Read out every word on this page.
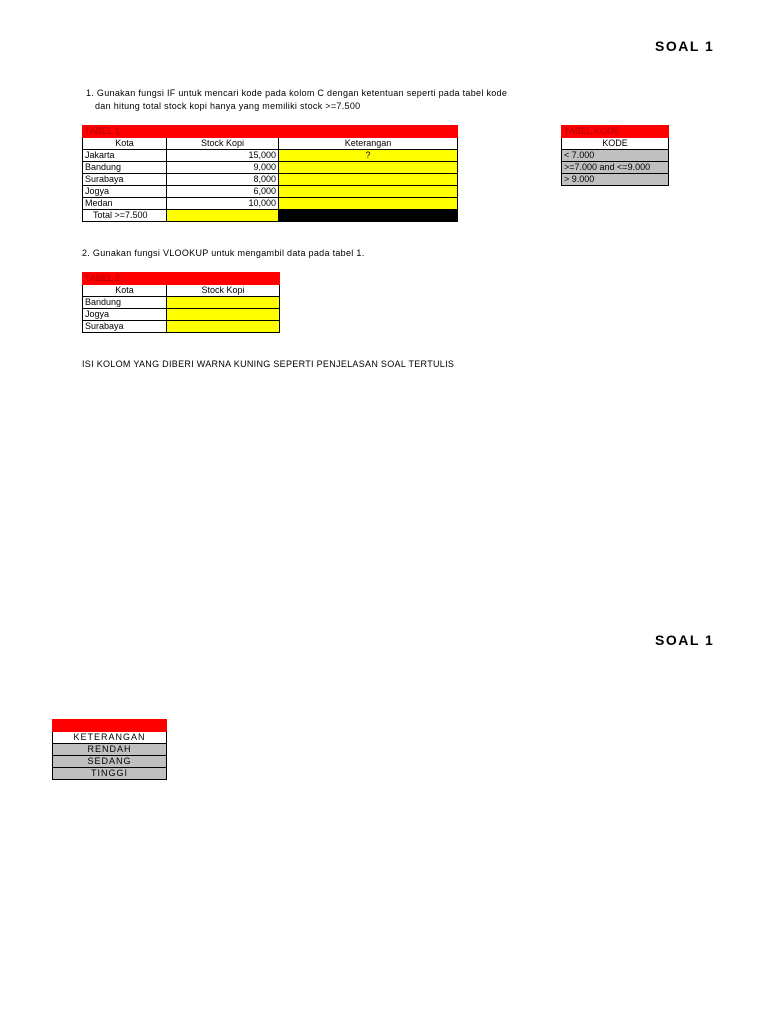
SOAL 1
1. Gunakan fungsi IF untuk mencari kode pada kolom C dengan ketentuan seperti pada tabel kode
dan hitung total stock kopi hanya yang memiliki stock >=7.500
TABEL 1		
Kota	Stock Kopi	Keterangan
Jakarta	15,000	?
Bandung	9,000	
Surabaya	8,000	
Jogya	6,000	
Medan	10,000	
Total >=7.500		
TABEL KODE
KODE
< 7.000
>=7.000 and <=9.000
> 9.000
2. Gunakan fungsi VLOOKUP untuk mengambil data pada tabel 1.
TABEL 2	
Kota	Stock Kopi
Bandung	
Jogya	
Surabaya	
ISI KOLOM YANG DIBERI WARNA KUNING SEPERTI PENJELASAN SOAL TERTULIS
SOAL 1

KETERANGAN
RENDAH
SEDANG
TINGGI
